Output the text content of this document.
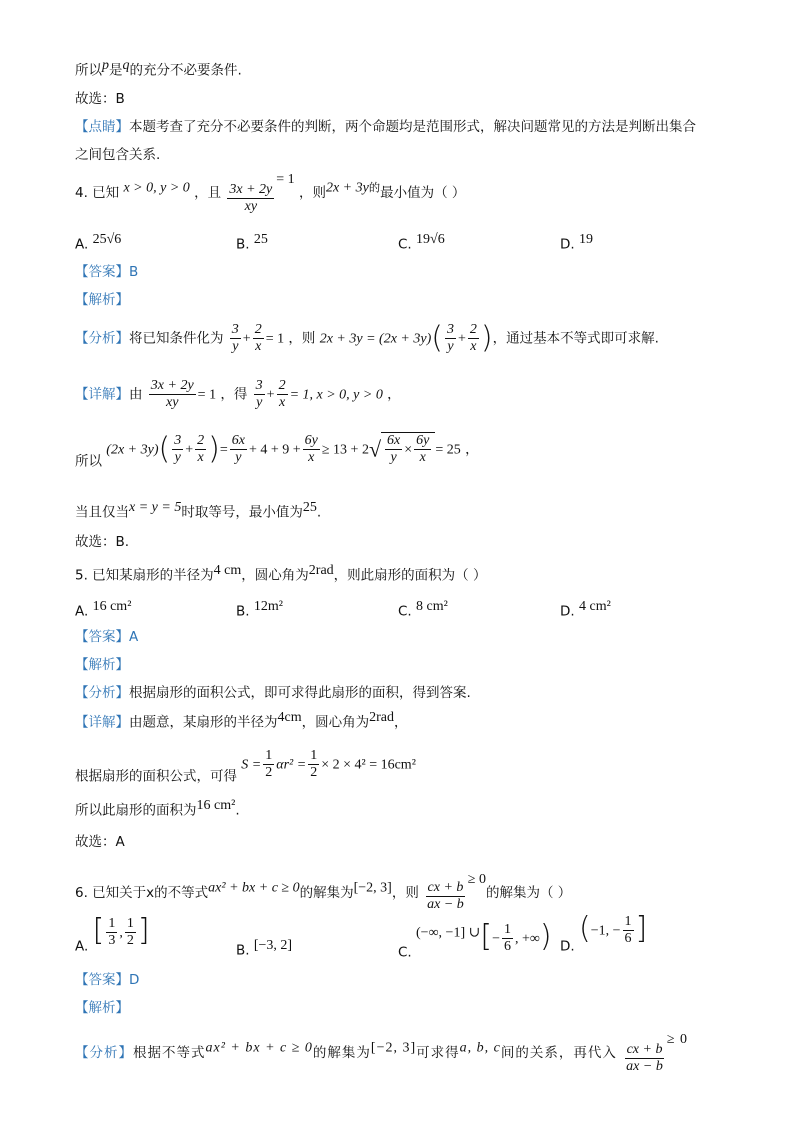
所以$^p$是$^q$的充分不必要条件.
故选：B
【点睛】本题考查了充分不必要条件的判断，两个命题均是范围形式，解决问题常见的方法是判断出集合
之间包含关系.
4. 已知 $^{x > 0, y > 0}$ ，且 $\frac{3x + 2y}{xy}$
= 1 ，则$^{2x + 3y的}$最小值为（ ）
A. $^{25√6}$	B. $^{25}$	C. $^{19√6}$	D. $^{19}$
【答案】B
【解析】
【分析】将已知条件化为 $\frac{3}{y} + \frac{2}{x} = 1$ ，则 $2x + 3y = (2x + 3y)( \frac{3}{y} + \frac{2}{x}$ )，通过基本不等式即可求解.
【详解】由 $\frac{3x + 2y}{xy} = 1$ ，得 $\frac{3}{y} + \frac{2}{x} = 1$, x > 0, y > 0 ，
所以 $(2x + 3y)( \frac{3}{y} + \frac{2}{x}$ )= $\frac{6x}{y} + 4 + 9 + \frac{6y}{x} \ge 13 + 2√ \frac{6x}{y} \times \frac{6y}{x} = 25$ ，
当且仅当$^{x = y = 5}$时取等号，最小值为$^{25}$.
故选：B.
5. 已知某扇形的半径为$^{4 cm}$，圆心角为$^{2rad}$，则此扇形的面积为（ ）
A. $^{16 cm^2}$	B. $^{12m^2}$	C. $^{8 cm^2}$	D. $^{4 cm^2}$
【答案】A
【解析】
【分析】根据扇形的面积公式，即可求得此扇形的面积，得到答案.
【详解】由题意，某扇形的半径为$^{4cm}$，圆心角为$^{2rad}$，
根据扇形的面积公式，可得 $S = \frac{1}{2} \alpha r^2 = \frac{1}{2} \times 2 \times 4^2 = 16cm^2$
所以此扇形的面积为$^{16 cm^2}$.
故选：A
6. 已知关于x的不等式$^{ax^2 + bx + c \ge 0}$的解集为[−2, 3]，则 $\frac{cx + b}{ax - b}$
≥ 0的解集为（ ）
A. [ $\frac{1}{3}$ , $\frac{1}{2}$ ]
B. [−3, 2]	C. (−∞, −1] ∪[− $\frac{1}{6}$ , +∞) D. (−1, − $\frac{1}{6}$ ]
【答案】D
【解析】
【分析】根据不等式$^{ax^2 + bx + c \ge 0}$的解集为[−2, 3]可求得$^{a, b, c}$间的关系，再代入 $\frac{cx + b}{ax - b}$
≥ 0
